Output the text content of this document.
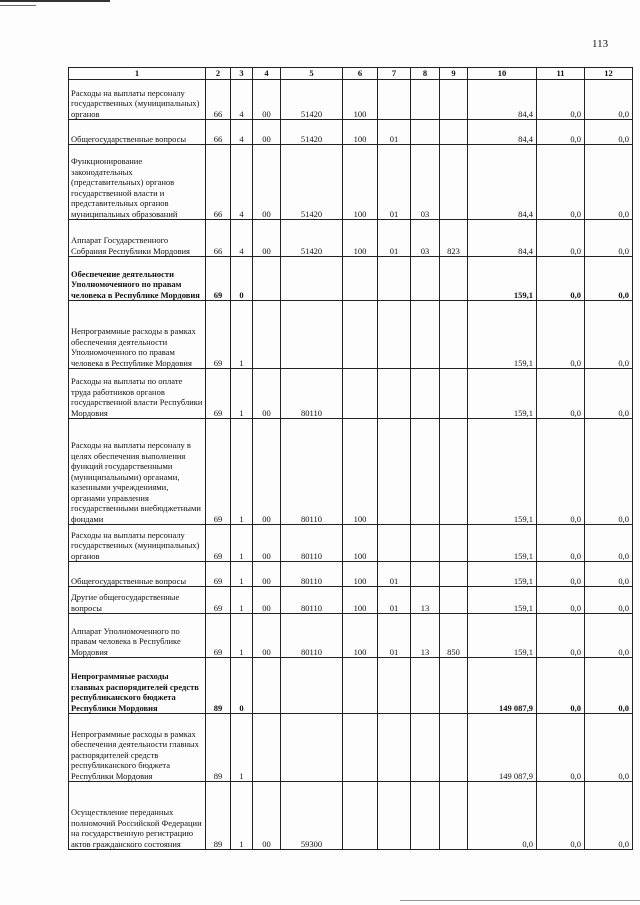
113
1	2	3	4	5	6	7	8	9	10	11	12
Расходы на выплаты персоналу государственных (муниципальных) органов	66	4	00	51420	100				84,4	0,0	0,0
Общегосударственные вопросы	66	4	00	51420	100	01			84,4	0,0	0,0
Функционирование законодательных (представительных) органов государственной власти и представительных органов муниципальных образований	66	4	00	51420	100	01	03		84,4	0,0	0,0
Аппарат Государственного Собрания Республики Мордовия	66	4	00	51420	100	01	03	823	84,4	0,0	0,0
Обеспечение деятельности Уполномоченного по правам человека в Республике Мордовия	69	0							159,1	0,0	0,0
Непрограммные расходы в рамках обеспечения деятельности Уполномоченного по правам человека в Республике Мордовия	69	1							159,1	0,0	0,0
Расходы на выплаты по оплате труда работников органов государственной власти Республики Мордовия	69	1	00	80110					159,1	0,0	0,0
Расходы на выплаты персоналу в целях обеспечения выполнения функций государственными (муниципальными) органами, казенными учреждениями, органами управления государственными внебюджетными фондами	69	1	00	80110	100				159,1	0,0	0,0
Расходы на выплаты персоналу государственных (муниципальных) органов	69	1	00	80110	100				159,1	0,0	0,0
Общегосударственные вопросы	69	1	00	80110	100	01			159,1	0,0	0,0
Другие общегосударственные вопросы	69	1	00	80110	100	01	13		159,1	0,0	0,0
Аппарат Уполномоченного по правам человека в Республике Мордовия	69	1	00	80110	100	01	13	850	159,1	0,0	0,0
Непрограммные расходы главных распорядителей средств республиканского бюджета Республики Мордовия	89	0							149 087,9	0,0	0,0
Непрограммные расходы в рамках обеспечения деятельности главных распорядителей средств республиканского бюджета Республики Мордовия	89	1							149 087,9	0,0	0,0
Осуществление переданных полномочий Российской Федерации на государственную регистрацию актов гражданского состояния	89	1	00	59300					0,0	0,0	0,0
